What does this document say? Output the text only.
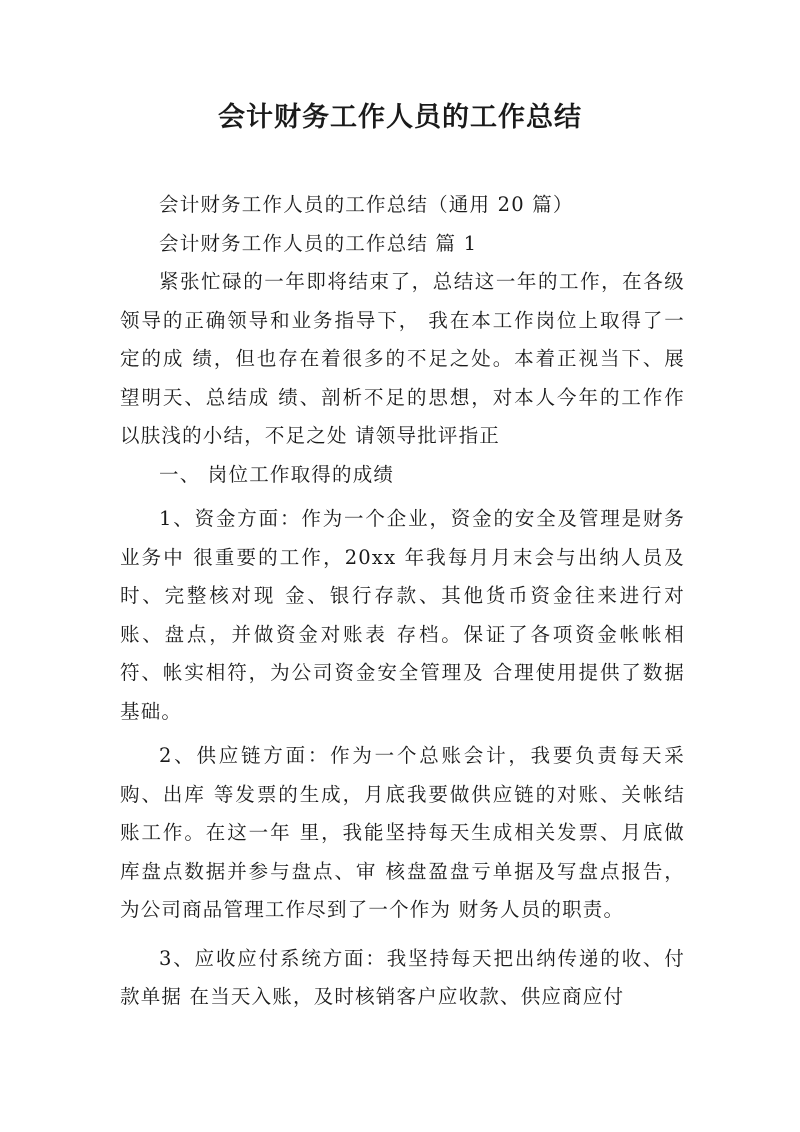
会计财务工作人员的工作总结

会计财务工作人员的工作总结（通用 20 篇）

会计财务工作人员的工作总结 篇 1

紧张忙碌的一年即将结束了，总结这一年的工作，在各级领导的正确领导和业务指导下， 我在本工作岗位上取得了一定的成 绩，但也存在着很多的不足之处。本着正视当下、展望明天、总结成 绩、剖析不足的思想，对本人今年的工作作以肤浅的小结，不足之处 请领导批评指正

一、 岗位工作取得的成绩

1、资金方面：作为一个企业，资金的安全及管理是财务业务中 很重要的工作，20xx 年我每月月末会与出纳人员及时、完整核对现 金、银行存款、其他货币资金往来进行对账、盘点，并做资金对账表 存档。保证了各项资金帐帐相符、帐实相符，为公司资金安全管理及 合理使用提供了数据基础。

2、供应链方面：作为一个总账会计，我要负责每天采购、出库 等发票的生成，月底我要做供应链的对账、关帐结账工作。在这一年 里，我能坚持每天生成相关发票、月底做库盘点数据并参与盘点、审 核盘盈盘亏单据及写盘点报告， 为公司商品管理工作尽到了一个作为 财务人员的职责。

3、应收应付系统方面：我坚持每天把出纳传递的收、付款单据 在当天入账，及时核销客户应收款、供应商应付
